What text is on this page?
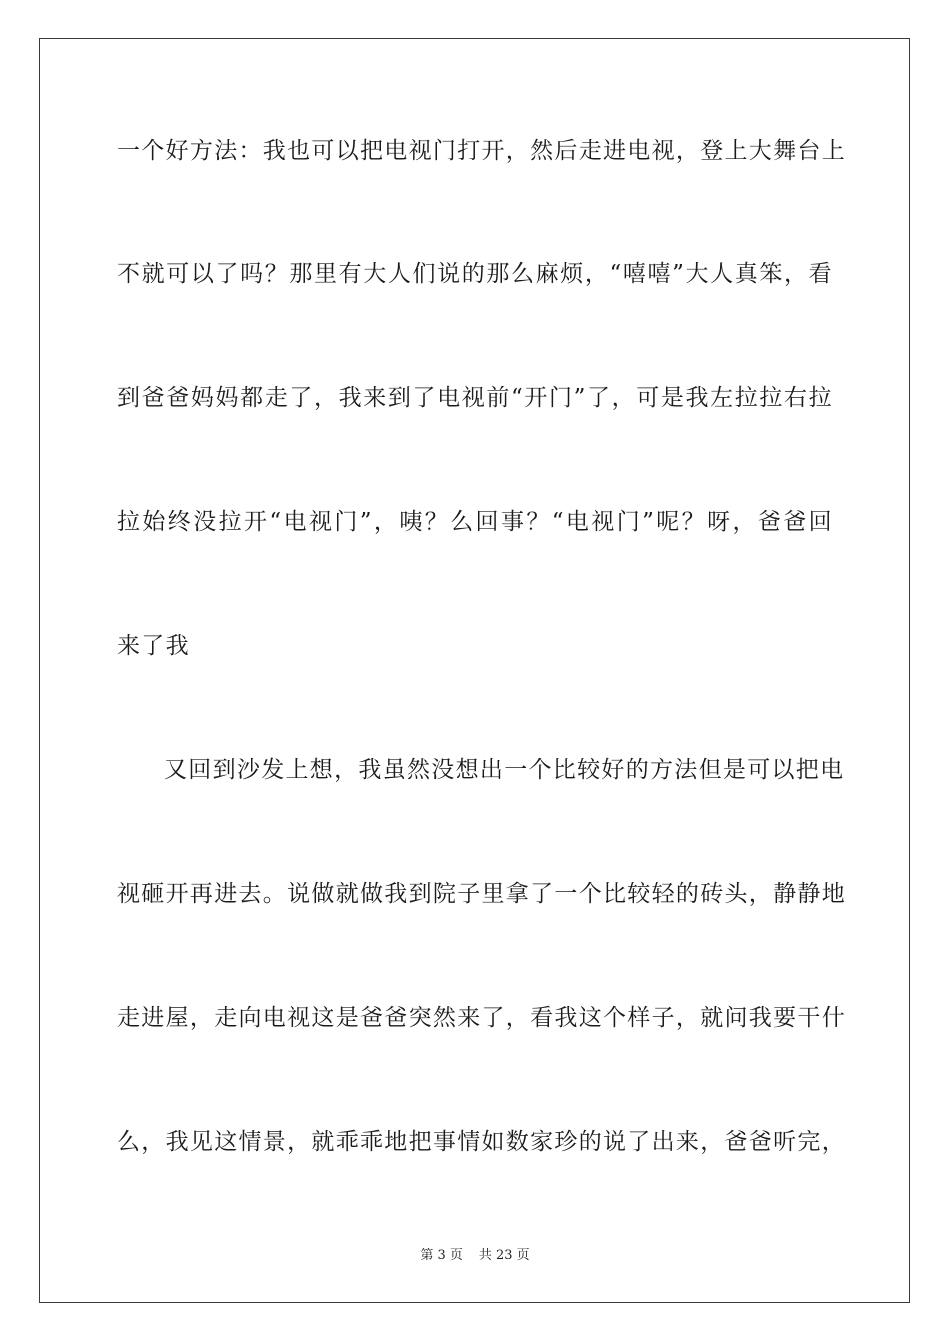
一个好方法：我也可以把电视门打开，然后走进电视，登上大舞台上
不就可以了吗？那里有大人们说的那么麻烦，“嘻嘻”大人真笨，看
到爸爸妈妈都走了，我来到了电视前“开门”了，可是我左拉拉右拉
拉始终没拉开“电视门”，咦？么回事？“电视门”呢？呀，爸爸回
来了我
又回到沙发上想，我虽然没想出一个比较好的方法但是可以把电
视砸开再进去。说做就做我到院子里拿了一个比较轻的砖头，静静地
走进屋，走向电视这是爸爸突然来了，看我这个样子，就问我要干什
么，我见这情景，就乖乖地把事情如数家珍的说了出来，爸爸听完，
第 3 页 共 23 页
